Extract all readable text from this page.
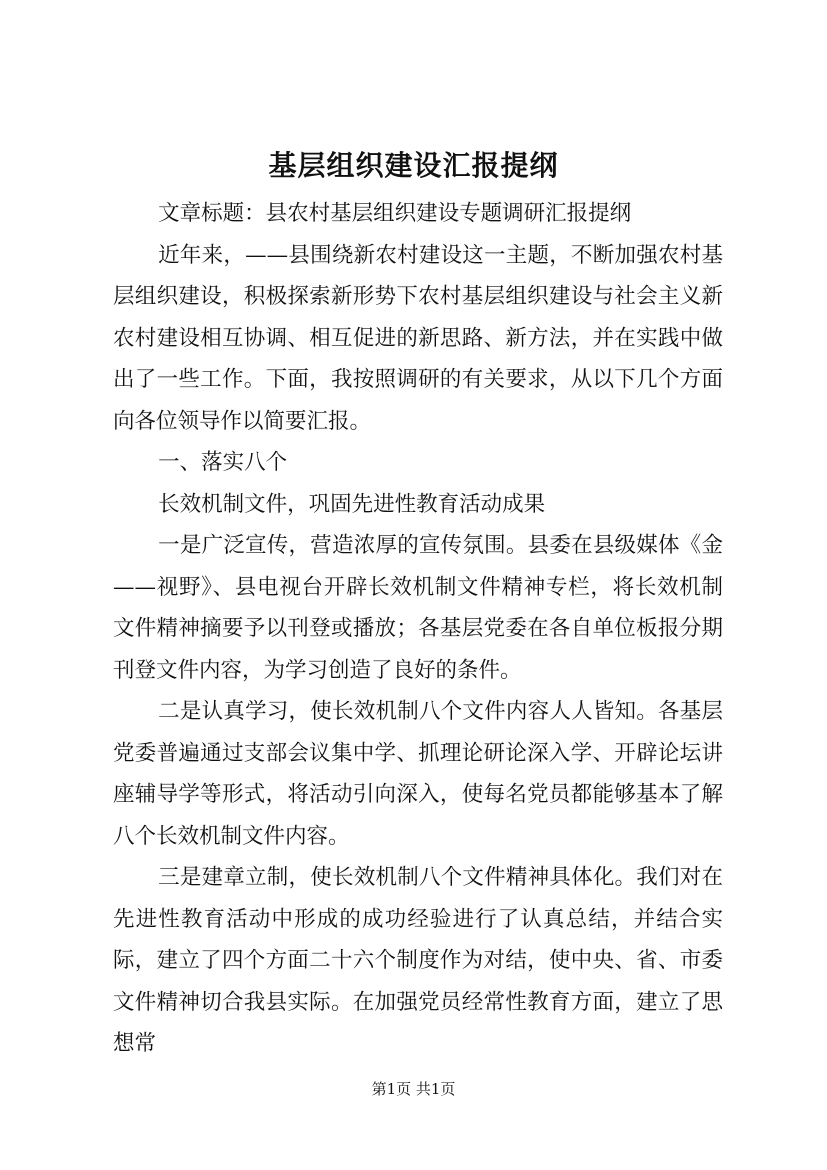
基层组织建设汇报提纲

文章标题：县农村基层组织建设专题调研汇报提纲

近年来，——县围绕新农村建设这一主题，不断加强农村基层组织建设，积极探索新形势下农村基层组织建设与社会主义新农村建设相互协调、相互促进的新思路、新方法，并在实践中做出了一些工作。下面，我按照调研的有关要求，从以下几个方面向各位领导作以简要汇报。

一、落实八个

长效机制文件，巩固先进性教育活动成果

一是广泛宣传，营造浓厚的宣传氛围。县委在县级媒体《金——视野》、县电视台开辟长效机制文件精神专栏，将长效机制文件精神摘要予以刊登或播放；各基层党委在各自单位板报分期刊登文件内容，为学习创造了良好的条件。

二是认真学习，使长效机制八个文件内容人人皆知。各基层党委普遍通过支部会议集中学、抓理论研论深入学、开辟论坛讲座辅导学等形式，将活动引向深入，使每名党员都能够基本了解八个长效机制文件内容。

三是建章立制，使长效机制八个文件精神具体化。我们对在先进性教育活动中形成的成功经验进行了认真总结，并结合实际，建立了四个方面二十六个制度作为对结，使中央、省、市委文件精神切合我县实际。在加强党员经常性教育方面，建立了思想常

第1页 共1页
